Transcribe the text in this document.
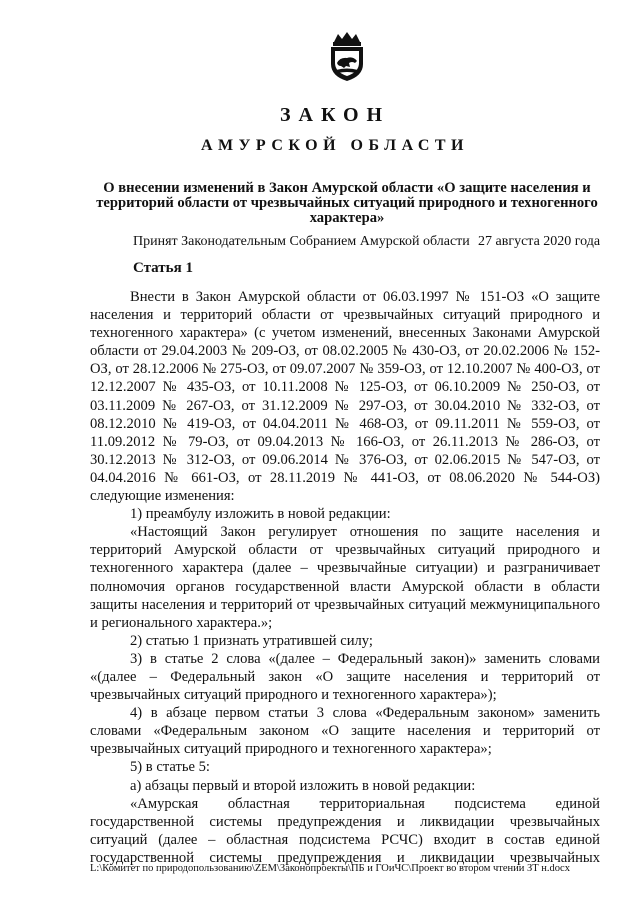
ЗАКОН
АМУРСКОЙ ОБЛАСТИ
О внесении изменений в Закон Амурской области «О защите населения и территорий области от чрезвычайных ситуаций природного и техногенного характера»
Принят Законодательным Собранием Амурской области 27 августа 2020 года
Статья 1

Внести в Закон Амурской области от 06.03.1997 № 151-ОЗ «О защите населения и территорий области от чрезвычайных ситуаций природного и техногенного характера» (с учетом изменений, внесенных Законами Амурской области от 29.04.2003 № 209-ОЗ, от 08.02.2005 № 430-ОЗ, от 20.02.2006 № 152-ОЗ, от 28.12.2006 № 275-ОЗ, от 09.07.2007 № 359-ОЗ, от 12.10.2007 № 400-ОЗ, от 12.12.2007 № 435-ОЗ, от 10.11.2008 № 125-ОЗ, от 06.10.2009 № 250-ОЗ, от 03.11.2009 № 267-ОЗ, от 31.12.2009 № 297-ОЗ, от 30.04.2010 № 332-ОЗ, от 08.12.2010 № 419-ОЗ, от 04.04.2011 № 468-ОЗ, от 09.11.2011 № 559-ОЗ, от 11.09.2012 № 79-ОЗ, от 09.04.2013 № 166-ОЗ, от 26.11.2013 № 286-ОЗ, от 30.12.2013 № 312-ОЗ, от 09.06.2014 № 376-ОЗ, от 02.06.2015 № 547-ОЗ, от 04.04.2016 № 661-ОЗ, от 28.11.2019 № 441-ОЗ, от 08.06.2020 № 544-ОЗ) следующие изменения:

1) преамбулу изложить в новой редакции:

«Настоящий Закон регулирует отношения по защите населения и территорий Амурской области от чрезвычайных ситуаций природного и техногенного характера (далее – чрезвычайные ситуации) и разграничивает полномочия органов государственной власти Амурской области в области защиты населения и территорий от чрезвычайных ситуаций межмуниципального и регионального характера.»;

2) статью 1 признать утратившей силу;

3) в статье 2 слова «(далее – Федеральный закон)» заменить словами «(далее – Федеральный закон «О защите населения и территорий от чрезвычайных ситуаций природного и техногенного характера»);

4) в абзаце первом статьи 3 слова «Федеральным законом» заменить словами «Федеральным законом «О защите населения и территорий от чрезвычайных ситуаций природного и техногенного характера»;

5) в статье 5:

а) абзацы первый и второй изложить в новой редакции:

«Амурская областная территориальная подсистема единой государственной системы предупреждения и ликвидации чрезвычайных ситуаций (далее – областная подсистема РСЧС) входит в состав единой государственной системы предупреждения и ликвидации чрезвычайных

L:\Комитет по природопользованию\ZEM\Законопроекты\ПБ и ГОиЧС\Проект во втором чтении ЗТ н.docx
